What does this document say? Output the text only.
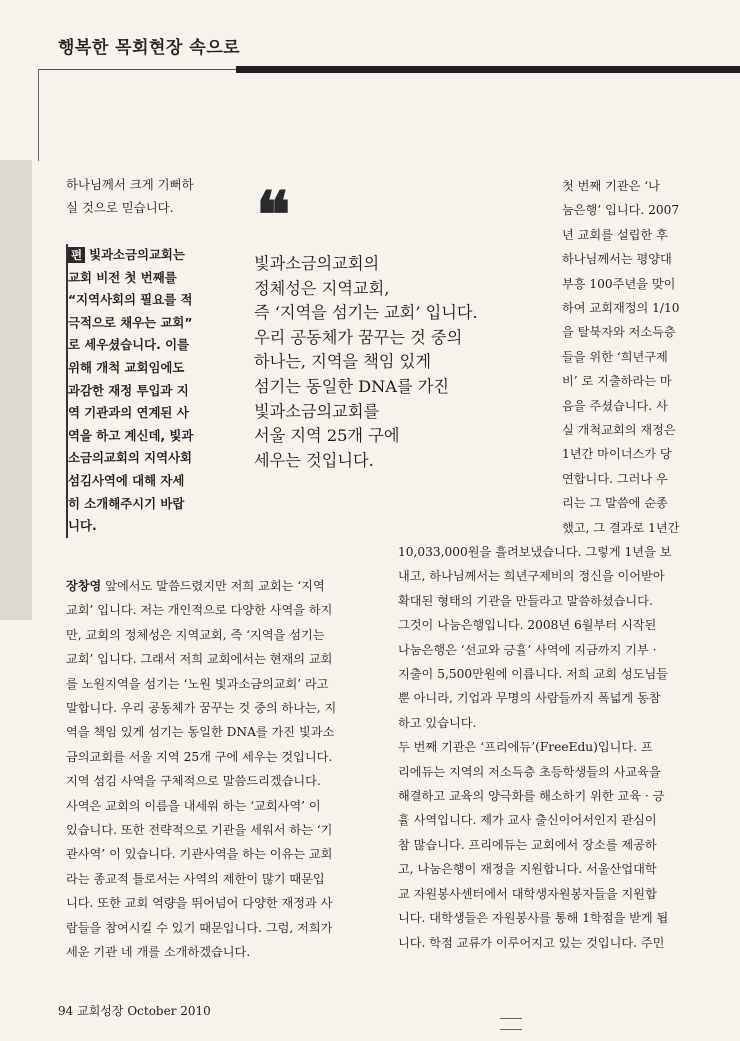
행복한 목회현장 속으로

하나님께서 크게 기뻐하

실 것으로 믿습니다.

편 빛과소금의교회는

교회 비전 첫 번째를

“지역사회의 필요를 적

극적으로 채우는 교회”

로 세우셨습니다. 이를

위해 개척 교회임에도

과감한 재정 투입과 지

역 기관과의 연계된 사

역을 하고 계신데, 빛과

소금의교회의 지역사회

섬김사역에 대해 자세

히 소개해주시기 바랍

니다.

❝

빛과소금의교회의

정체성은 지역교회,

즉 ‘지역을 섬기는 교회’ 입니다.

우리 공동체가 꿈꾸는 것 중의

하나는, 지역을 책임 있게

섬기는 동일한 DNA를 가진

빛과소금의교회를

서울 지역 25개 구에

세우는 것입니다.

장창영 앞에서도 말씀드렸지만 저희 교회는 ‘지역

교회’ 입니다. 저는 개인적으로 다양한 사역을 하지

만, 교회의 정체성은 지역교회, 즉 ‘지역을 섬기는

교회’ 입니다. 그래서 저희 교회에서는 현재의 교회

를 노원지역을 섬기는 ‘노원 빛과소금의교회’ 라고

말합니다. 우리 공동체가 꿈꾸는 것 중의 하나는, 지

역을 책임 있게 섬기는 동일한 DNA를 가진 빛과소

금의교회를 서울 지역 25개 구에 세우는 것입니다.

지역 섬김 사역을 구체적으로 말씀드리겠습니다.

사역은 교회의 이름을 내세워 하는 ‘교회사역’ 이

있습니다. 또한 전략적으로 기관을 세워서 하는 ‘기

관사역’ 이 있습니다. 기관사역을 하는 이유는 교회

라는 종교적 틀로서는 사역의 제한이 많기 때문입

니다. 또한 교회 역량을 뛰어넘어 다양한 재정과 사

람들을 참여시킬 수 있기 때문입니다. 그럼, 저희가

세운 기관 네 개를 소개하겠습니다.

첫 번째 기관은 ‘나

눔은행’ 입니다. 2007

년 교회를 설립한 후

하나님께서는 평양대

부흥 100주년을 맞이

하여 교회재정의 1/10

을 탈북자와 저소득층

들을 위한 ‘희년구제

비’ 로 지출하라는 마

음을 주셨습니다. 사

실 개척교회의 재정은

1년간 마이너스가 당

연합니다. 그러나 우

리는 그 말씀에 순종

했고, 그 결과로 1년간

10,033,000원을 흘려보냈습니다. 그렇게 1년을 보

내고, 하나님께서는 희년구제비의 정신을 이어받아

확대된 형태의 기관을 만들라고 말씀하셨습니다.

그것이 나눔은행입니다. 2008년 6월부터 시작된

나눔은행은 ‘선교와 긍휼’ 사역에 지금까지 기부 ·

지출이 5,500만원에 이릅니다. 저희 교회 성도님들

뿐 아니라, 기업과 무명의 사람들까지 폭넓게 동참

하고 있습니다.

두 번째 기관은 ‘프리에듀’(FreeEdu)입니다. 프

리에듀는 지역의 저소득층 초등학생들의 사교육을

해결하고 교육의 양극화를 해소하기 위한 교육 · 긍

휼 사역입니다. 제가 교사 출신이어서인지 관심이

참 많습니다. 프리에듀는 교회에서 장소를 제공하

고, 나눔은행이 재정을 지원합니다. 서울산업대학

교 자원봉사센터에서 대학생자원봉자들을 지원합

니다. 대학생들은 자원봉사를 통해 1학점을 받게 됩

니다. 학점 교류가 이루어지고 있는 것입니다. 주민

94 교회성장 October 2010
